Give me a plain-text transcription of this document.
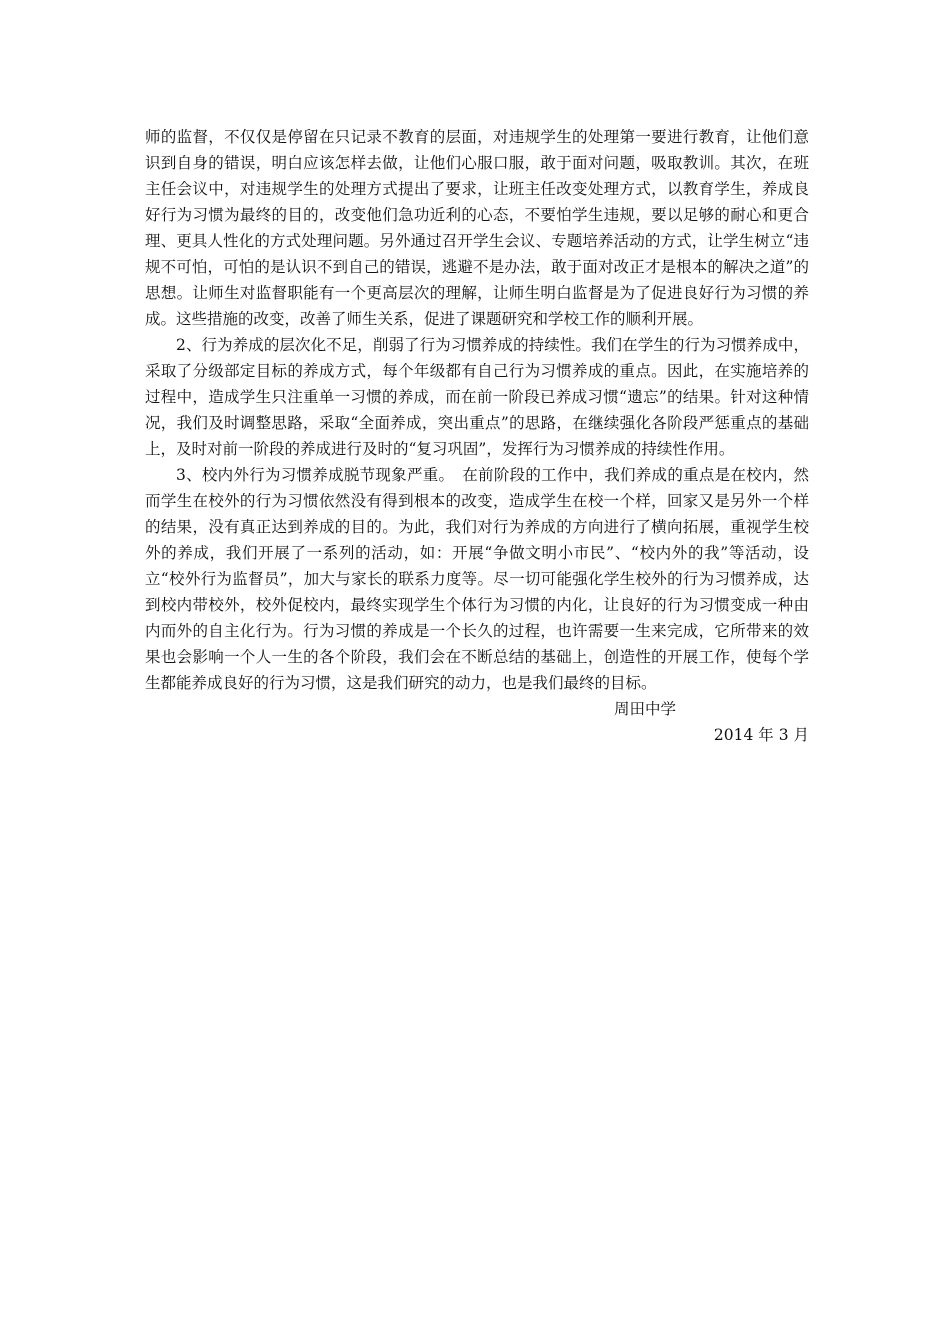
师的监督，不仅仅是停留在只记录不教育的层面，对违规学生的处理第一要进行教育，让他们意识到自身的错误，明白应该怎样去做，让他们心服口服，敢于面对问题，吸取教训。其次，在班主任会议中，对违规学生的处理方式提出了要求，让班主任改变处理方式，以教育学生，养成良好行为习惯为最终的目的，改变他们急功近利的心态，不要怕学生违规，要以足够的耐心和更合理、更具人性化的方式处理问题。另外通过召开学生会议、专题培养活动的方式，让学生树立“违规不可怕，可怕的是认识不到自己的错误，逃避不是办法，敢于面对改正才是根本的解决之道”的思想。让师生对监督职能有一个更高层次的理解，让师生明白监督是为了促进良好行为习惯的养成。这些措施的改变，改善了师生关系，促进了课题研究和学校工作的顺利开展。

2、行为养成的层次化不足，削弱了行为习惯养成的持续性。我们在学生的行为习惯养成中，采取了分级部定目标的养成方式，每个年级都有自己行为习惯养成的重点。因此，在实施培养的过程中，造成学生只注重单一习惯的养成，而在前一阶段已养成习惯“遗忘”的结果。针对这种情况，我们及时调整思路，采取“全面养成，突出重点”的思路，在继续强化各阶段严惩重点的基础上，及时对前一阶段的养成进行及时的“复习巩固”，发挥行为习惯养成的持续性作用。

3、校内外行为习惯养成脱节现象严重。　在前阶段的工作中，我们养成的重点是在校内，然而学生在校外的行为习惯依然没有得到根本的改变，造成学生在校一个样，回家又是另外一个样的结果，没有真正达到养成的目的。为此，我们对行为养成的方向进行了横向拓展，重视学生校外的养成，我们开展了一系列的活动，如：开展“争做文明小市民”、“校内外的我”等活动，设立“校外行为监督员”，加大与家长的联系力度等。尽一切可能强化学生校外的行为习惯养成，达到校内带校外，校外促校内，最终实现学生个体行为习惯的内化，让良好的行为习惯变成一种由内而外的自主化行为。行为习惯的养成是一个长久的过程，也许需要一生来完成，它所带来的效果也会影响一个人一生的各个阶段，我们会在不断总结的基础上，创造性的开展工作，使每个学生都能养成良好的行为习惯，这是我们研究的动力，也是我们最终的目标。

周田中学

2014 年 3 月
